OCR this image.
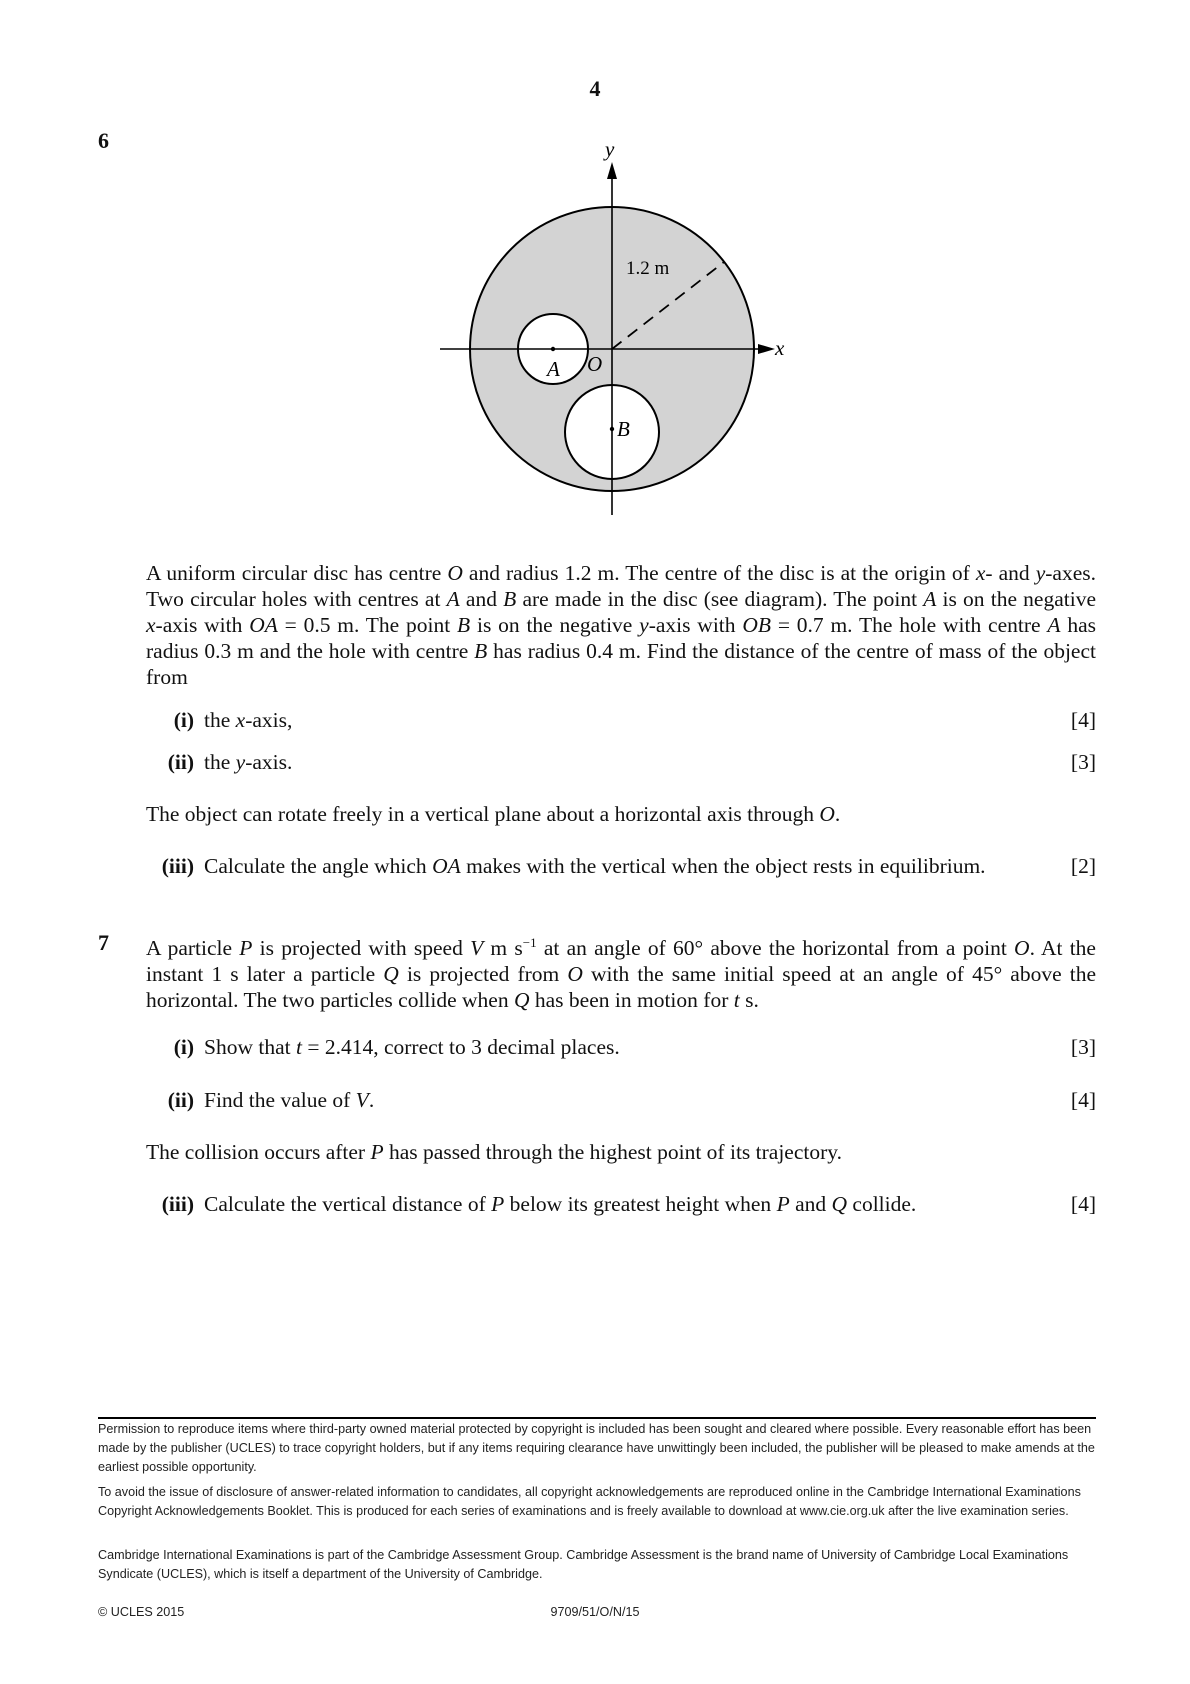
4
6	y
x
1.2 m
O
A
B
A uniform circular disc has centre O and radius 1.2 m. The centre of the disc is at the origin of x- and y-axes. Two circular holes with centres at A and B are made in the disc (see diagram). The point A is on the negative x-axis with OA = 0.5 m. The point B is on the negative y-axis with OB = 0.7 m. The hole with centre A has radius 0.3 m and the hole with centre B has radius 0.4 m. Find the distance of the centre of mass of the object from
(i) the x-axis,	[4]
(ii) the y-axis.	[3]
The object can rotate freely in a vertical plane about a horizontal axis through O.
(iii) Calculate the angle which OA makes with the vertical when the object rests in equilibrium.	[2]
7 A particle P is projected with speed V m $s^{-1}$ at an angle of 60° above the horizontal from a point O. At the instant 1 s later a particle Q is projected from O with the same initial speed at an angle of 45° above the horizontal. The two particles collide when Q has been in motion for t s.
(i) Show that t = 2.414, correct to 3 decimal places.	[3]
(ii) Find the value of V.	[4]
The collision occurs after P has passed through the highest point of its trajectory.
(iii) Calculate the vertical distance of P below its greatest height when P and Q collide.	[4]
Permission to reproduce items where third-party owned material protected by copyright is included has been sought and cleared where possible. Every reasonable effort has been made by the publisher (UCLES) to trace copyright holders, but if any items requiring clearance have unwittingly been included, the publisher will be pleased to make amends at the earliest possible opportunity.
To avoid the issue of disclosure of answer-related information to candidates, all copyright acknowledgements are reproduced online in the Cambridge International Examinations Copyright Acknowledgements Booklet. This is produced for each series of examinations and is freely available to download at www.cie.org.uk after the live examination series.
Cambridge International Examinations is part of the Cambridge Assessment Group. Cambridge Assessment is the brand name of University of Cambridge Local Examinations Syndicate (UCLES), which is itself a department of the University of Cambridge.
© UCLES 2015	9709/51/O/N/15
